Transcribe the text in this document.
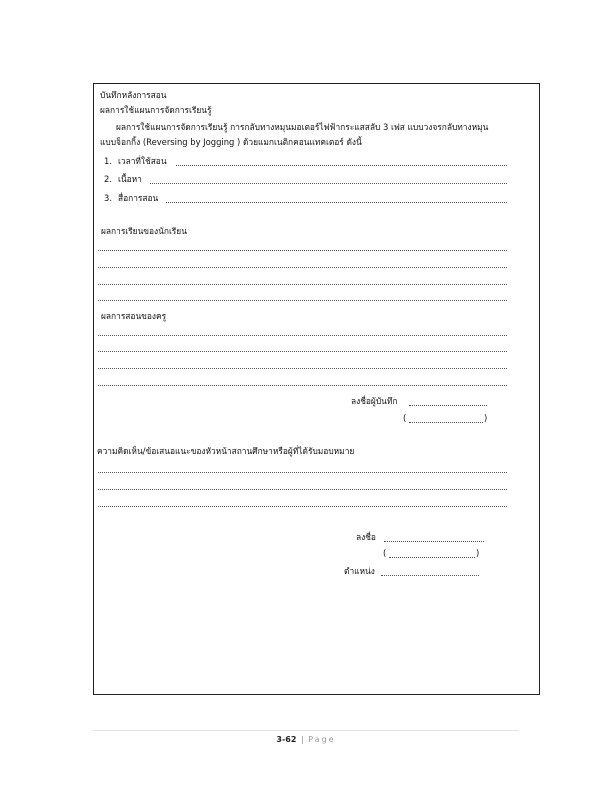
บันทึกหลังการสอน
ผลการใช้แผนการจัดการเรียนรู้
ผลการใช้แผนการจัดการเรียนรู้ การกลับทางหมุนมอเตอร์ไฟฟ้ากระแสสลับ 3 เฟส แบบวงจรกลับทางหมุน
แบบจ็อกกิ้ง (Reversing by Jogging ) ด้วยแมกเนติกคอนแทคเตอร์ ดังนี้
1. เวลาที่ใช้สอน
2. เนื้อหา
3. สื่อการสอน
ผลการเรียนของนักเรียน
ผลการสอนของครู
ลงชื่อผู้บันทึก
(	)
ความคิดเห็น/ข้อเสนอแนะของหัวหน้าสถานศึกษาหรือผู้ที่ได้รับมอบหมาย
ลงชื่อ
(	)
ตำแหน่ง
3-62 | Page
